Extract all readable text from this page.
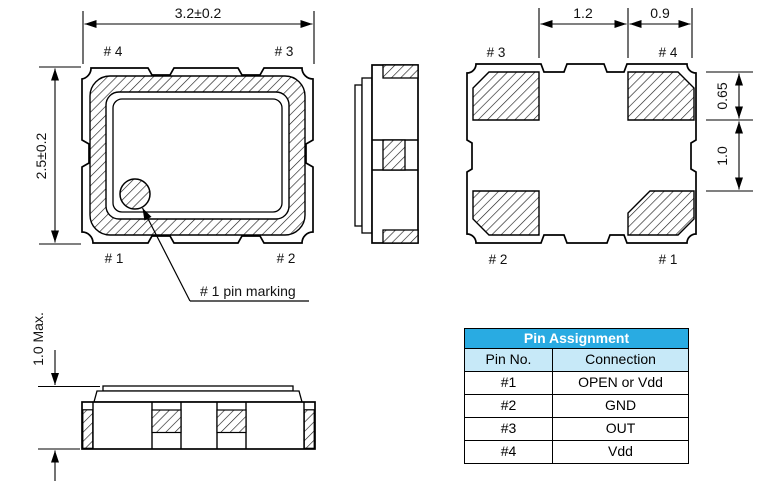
3.2±0.2
2.5±0.2
# 1 pin marking
# 4	# 3
# 1	# 2
1.2	0.9
# 3	# 4
# 2	# 1
0.65
1.0
1.0 Max.	Pin Assignment	
Pin No.	Connection
#1	OPEN or Vdd
#2	GND
#3	OUT
#4	Vdd
